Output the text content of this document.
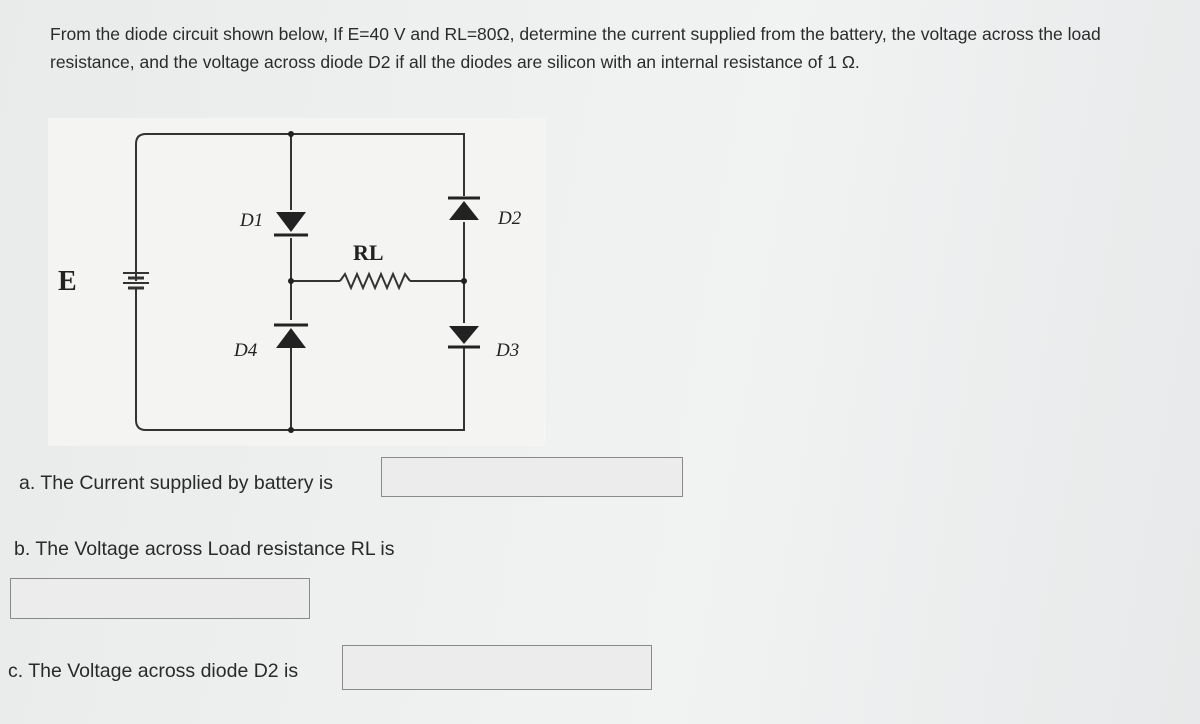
From the diode circuit shown below, If E=40 V and RL=80Ω, determine the current supplied from the battery, the voltage across the load resistance, and the voltage across diode D2 if all the diodes are silicon with an internal resistance of 1 Ω.
E
RL
D1	D2
D3
D4
a. The Current supplied by battery is
b. The Voltage across Load resistance RL is
c. The Voltage across diode D2 is
